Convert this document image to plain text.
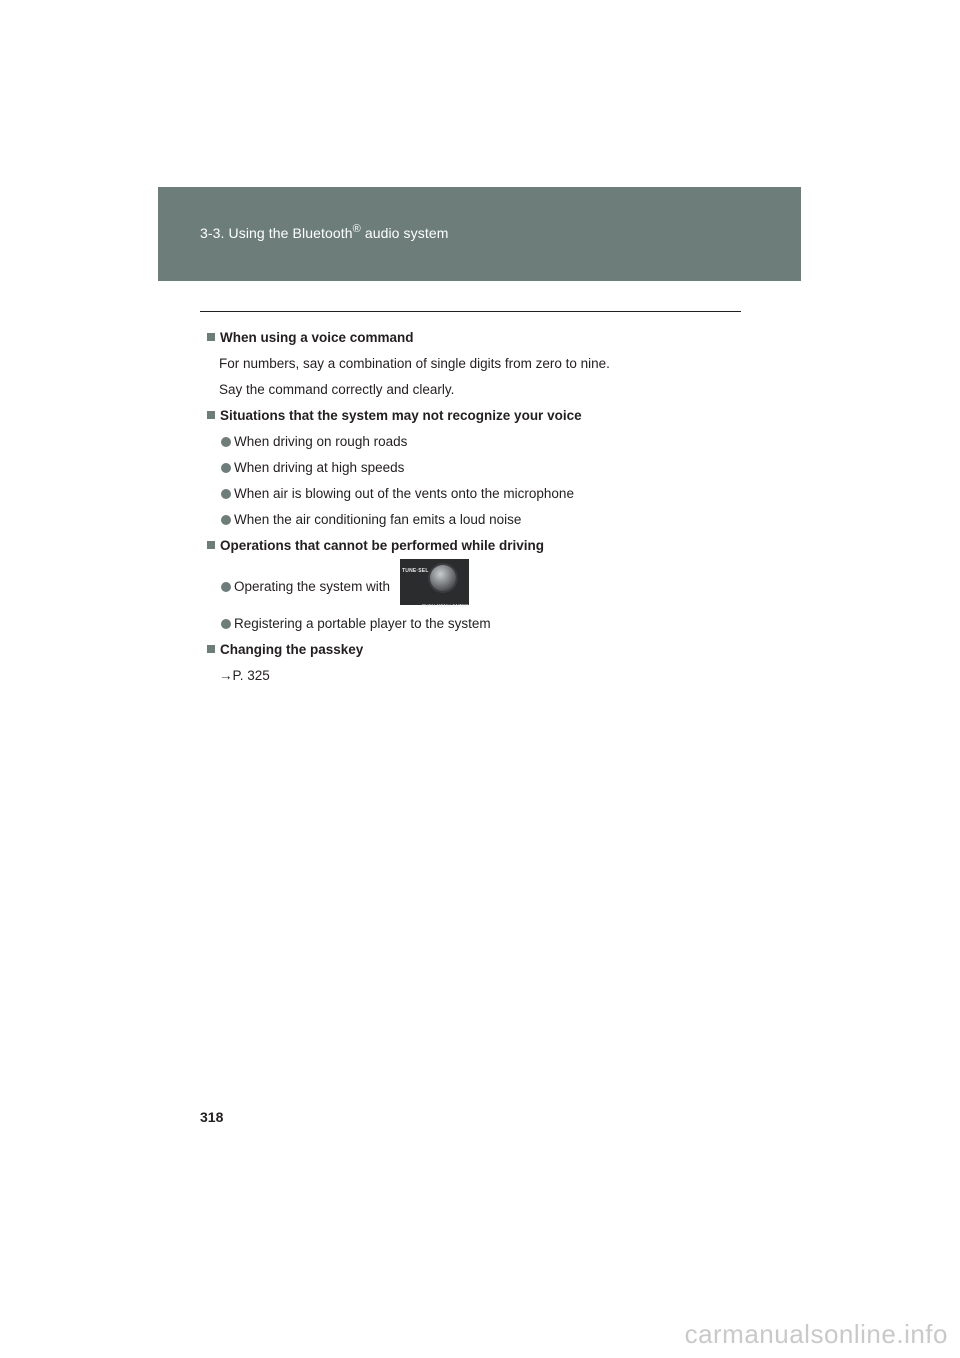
3-3. Using the Bluetooth® audio system
When using a voice command
For numbers, say a combination of single digits from zero to nine.
Say the command correctly and clearly.
Situations that the system may not recognize your voice
When driving on rough roads
When driving at high speeds
When air is blowing out of the vents onto the microphone
When the air conditioning fan emits a loud noise
Operations that cannot be performed while driving
Operating the system with
TUNE·SEL
PUSH MENU·ENTER
Registering a portable player to the system
Changing the passkey
→P. 325
318
carmanualsonline.info
